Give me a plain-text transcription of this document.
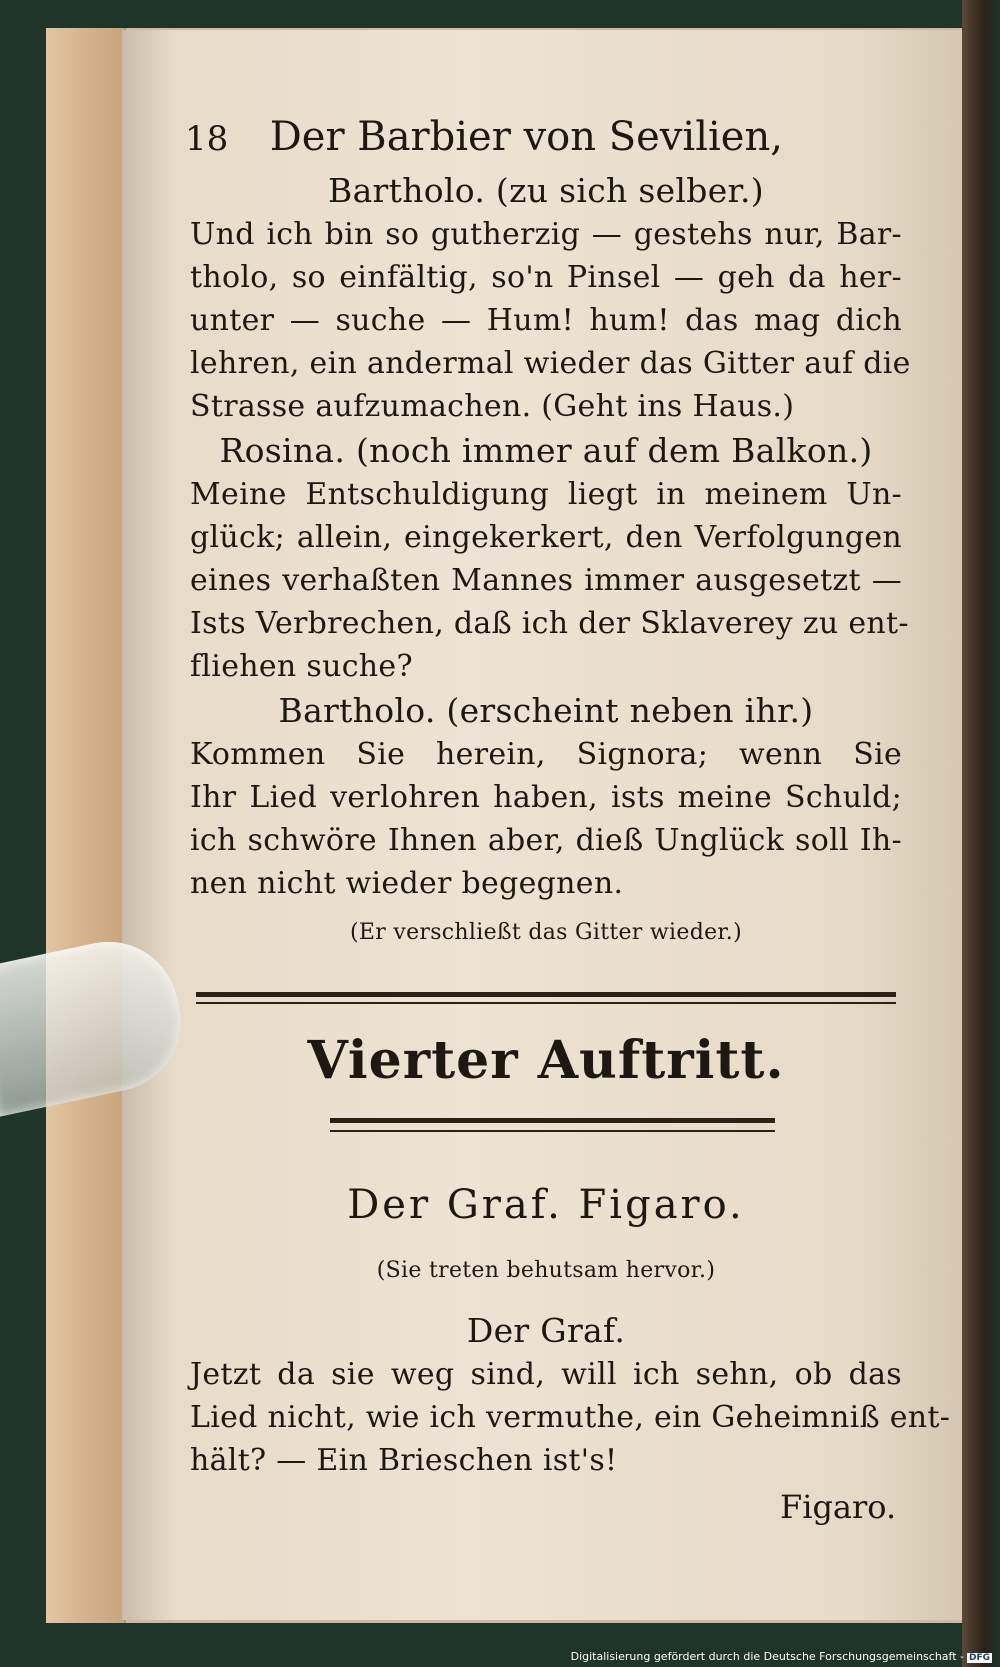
18 Der Barbier von Sevilien,
Bartholo. (zu sich selber.)
Und ich bin so gutherzig — gestehs nur, Bar-
tholo, so einfältig, so'n Pinsel — geh da her-
unter — suche — Hum! hum! das mag dich
lehren, ein andermal wieder das Gitter auf die
Strasse aufzumachen. (Geht ins Haus.)
Rosina. (noch immer auf dem Balkon.)
Meine Entschuldigung liegt in meinem Un-
glück; allein, eingekerkert, den Verfolgungen
eines verhaßten Mannes immer ausgesetzt —
Ists Verbrechen, daß ich der Sklaverey zu ent-
fliehen suche?
Bartholo. (erscheint neben ihr.)
Kommen Sie herein, Signora; wenn Sie
Ihr Lied verlohren haben, ists meine Schuld;
ich schwöre Ihnen aber, dieß Unglück soll Ih-
nen nicht wieder begegnen.
(Er verschließt das Gitter wieder.)
Vierter Auftritt.
Der Graf. Figaro.
(Sie treten behutsam hervor.)
Der Graf.
Jetzt da sie weg sind, will ich sehn, ob das
Lied nicht, wie ich vermuthe, ein Geheimniß ent-
hält? — Ein Brieschen ist's!
Figaro.
Digitalisierung gefördert durch die Deutsche Forschungsgemeinschaft - DFG
